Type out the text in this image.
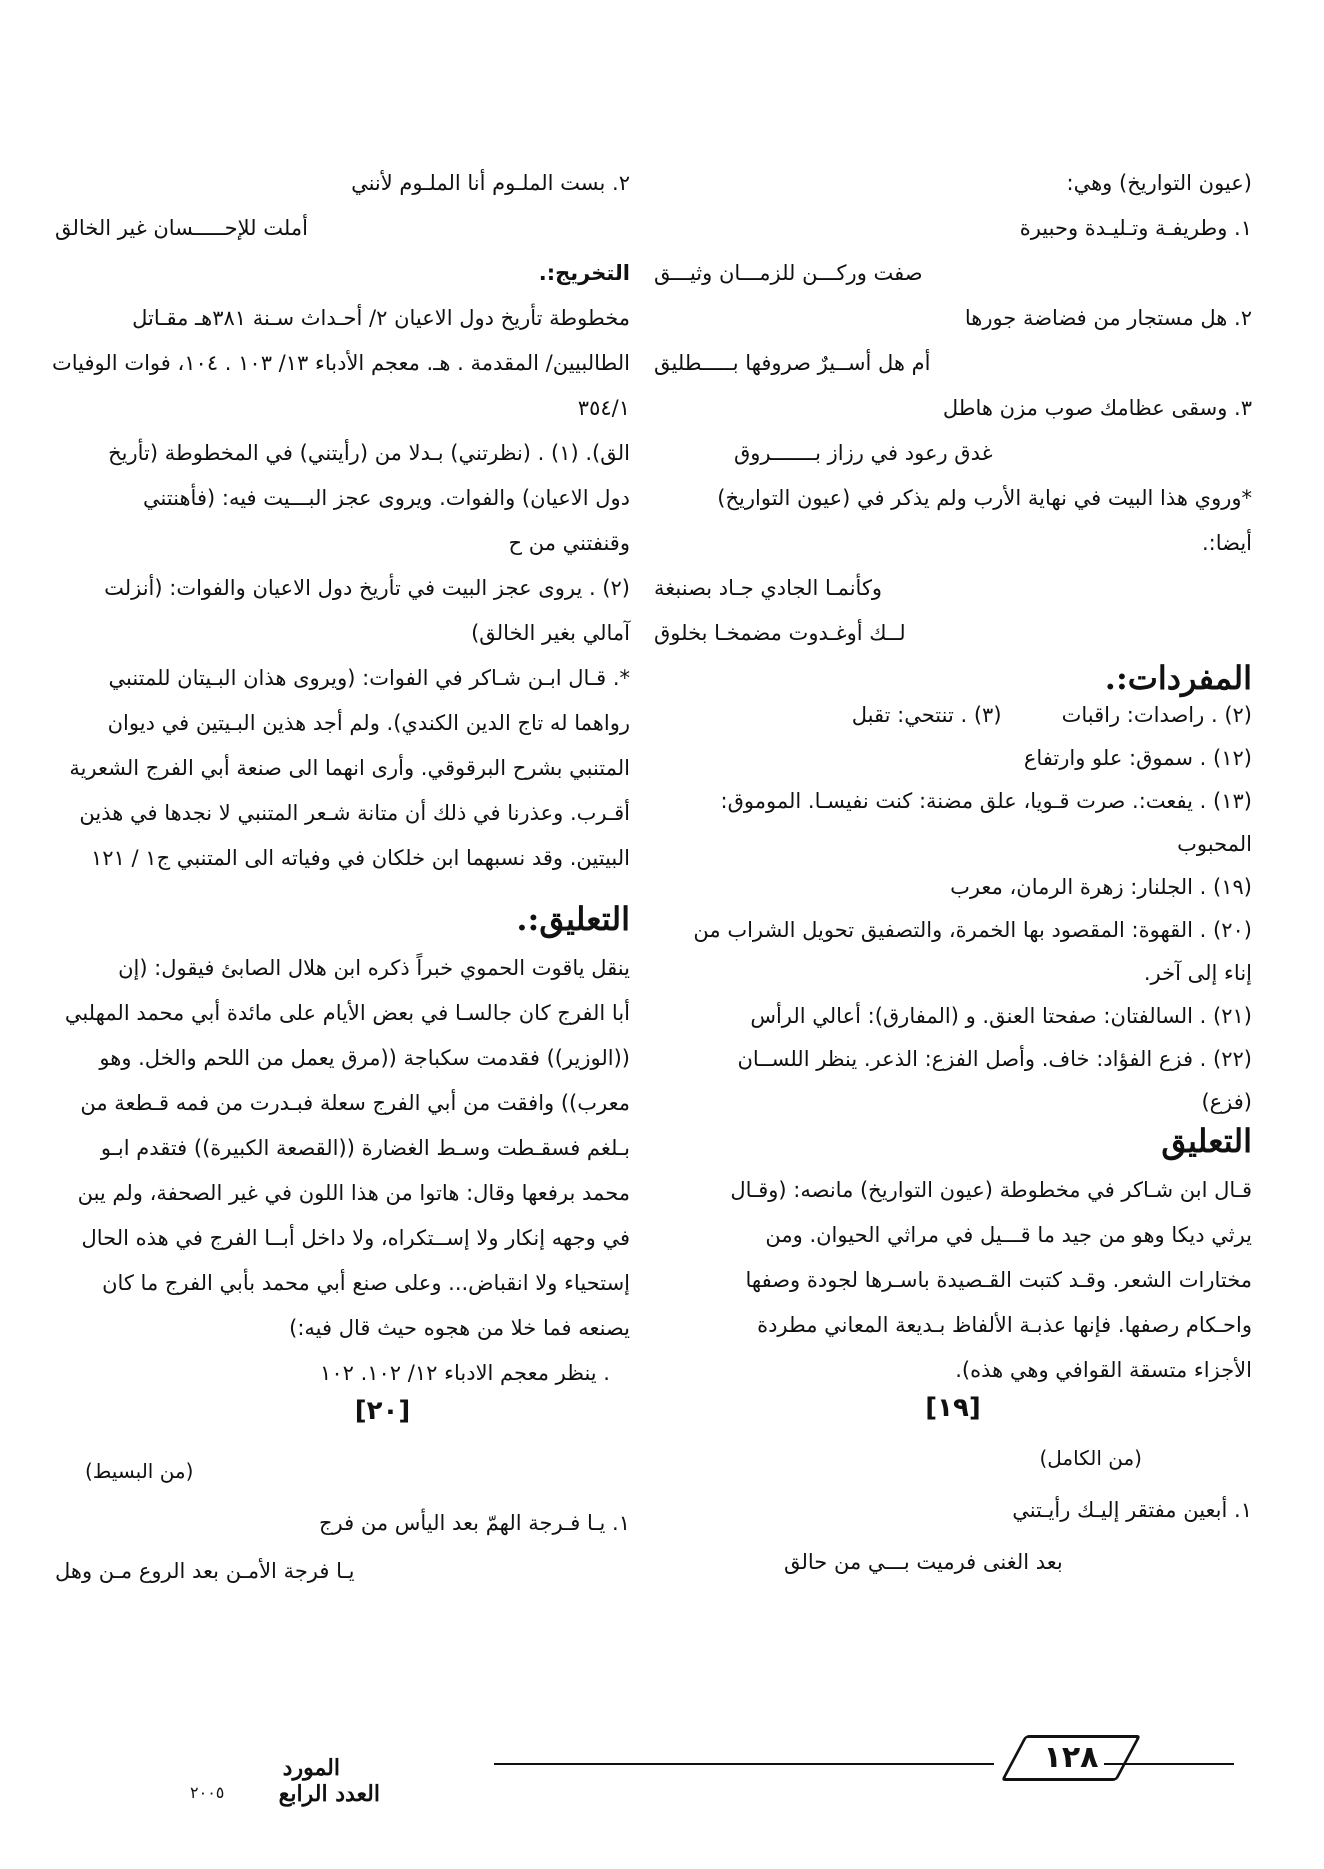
(عيون التواريخ) وهي:

١. وطريفـة وتـليـدة وحبيرة

صفت وركـــن للزمـــان وثيـــق

٢. هل مستجار من فضاضة جورها

أم هل أســيرٌ صروفها بـــــطليق

٣. وسقى عظامك صوب مزن هاطل

غدق رعود في رزاز بـــــــروق

*وروي هذا البيت في نهاية الأرب ولم يذكر في (عيون التواريخ)

أيضا:.

وكأنمـا الجادي جـاد بصنبغة

لــك أوغـدوت مضمخـا بخلوق

المفردات:.

(٢) . راصدات: راقبات         (٣) . تنتحي: تقبل

(١٢) . سموق: علو وارتفاع

(١٣) . يفعت:. صرت قـويا، علق مضنة: كنت نفيسـا. الموموق:

المحبوب

(١٩) . الجلنار: زهرة الرمان، معرب

(٢٠) . القهوة: المقصود بها الخمرة، والتصفيق تحويل الشراب من

إناء إلى آخر.

(٢١) . السالفتان: صفحتا العنق. و (المفارق): أعالي الرأس

(٢٢) . فزع الفؤاد: خاف. وأصل الفزع: الذعر. ينظر اللســان

(فزع)

التعليق

قـال ابن شـاكر في مخطوطة (عيون التواريخ) مانصه: (وقـال

يرثي ديكا وهو من جيد ما قـــيل في مراثي الحيوان. ومن

مختارات الشعر. وقـد كتبت القـصيدة باسـرها لجودة وصفها

واحـكام رصفها. فإنها عذبـة الألفاظ بـديعة المعاني مطردة

الأجزاء متسقة القوافي وهي هذه).

[١٩]

(من الكامل)

١. أبعين مفتقر إليـك رأيـتني

بعد الغنى فرميت بـــي من حالق

٢. بست الملـوم أنا الملـوم لأنني

أملت للإحـــــسان غير الخالق

التخريج:.

مخطوطة تأريخ دول الاعيان ٢/ أحـداث سـنة ٣٨١هـ مقـاتل

الطالبيين/ المقدمة . هـ. معجم الأدباء ١٣/ ١٠٣ . ١٠٤، فوات الوفيات

٣٥٤/١

الق). (١) . (نظرتني) بـدلا من (رأيتني) في المخطوطة (تأريخ

دول الاعيان) والفوات. ويروى عجز البـــيت فيه: (فأهنتني

وقنفتني من ح

(٢) . يروى عجز البيت في تأريخ دول الاعيان والفوات: (أنزلت

آمالي بغير الخالق)

*. قـال ابـن شـاكر في الفوات: (ويروى هذان البـيتان للمتنبي

رواهما له تاج الدين الكندي). ولم أجد هذين البـيتين في ديوان

المتنبي بشرح البرقوقي. وأرى انهما الى صنعة أبي الفرج الشعرية

أقـرب. وعذرنا في ذلك أن متانة شـعر المتنبي لا نجدها في هذين

البيتين. وقد نسبهما ابن خلكان في وفياته الى المتنبي ج١ / ١٢١

التعليق:.

ينقل ياقوت الحموي خبراً ذكره ابن هلال الصابئ فيقول: (إن

أبا الفرج كان جالسـا في بعض الأيام على مائدة أبي محمد المهلبي

((الوزير)) فقدمت سكباجة ((مرق يعمل من اللحم والخل. وهو

معرب)) وافقت من أبي الفرج سعلة فبـدرت من فمه قـطعة من

بـلغم فسقـطت وسـط الغضارة ((القصعة الكبيرة)) فتقدم ابـو

محمد برفعها وقال: هاتوا من هذا اللون في غير الصحفة، ولم يبن

في وجهه إنكار ولا إســتكراه، ولا داخل أبــا الفرج في هذه الحال

إستحياء ولا انقباض... وعلى صنع أبي محمد بأبي الفرج ما كان

يصنعه فما خلا من هجوه حيث قال فيه:)

. ينظر معجم الادباء ١٢/ ١٠٢. ١٠٢

[٢٠]

(من البسيط)

١. يـا فـرجة الهمّ بعد اليأس من فرج

يـا فرجة الأمـن بعد الروع مـن وهل

١٢٨
المورد
العدد الرابع
٢٠٠٥
